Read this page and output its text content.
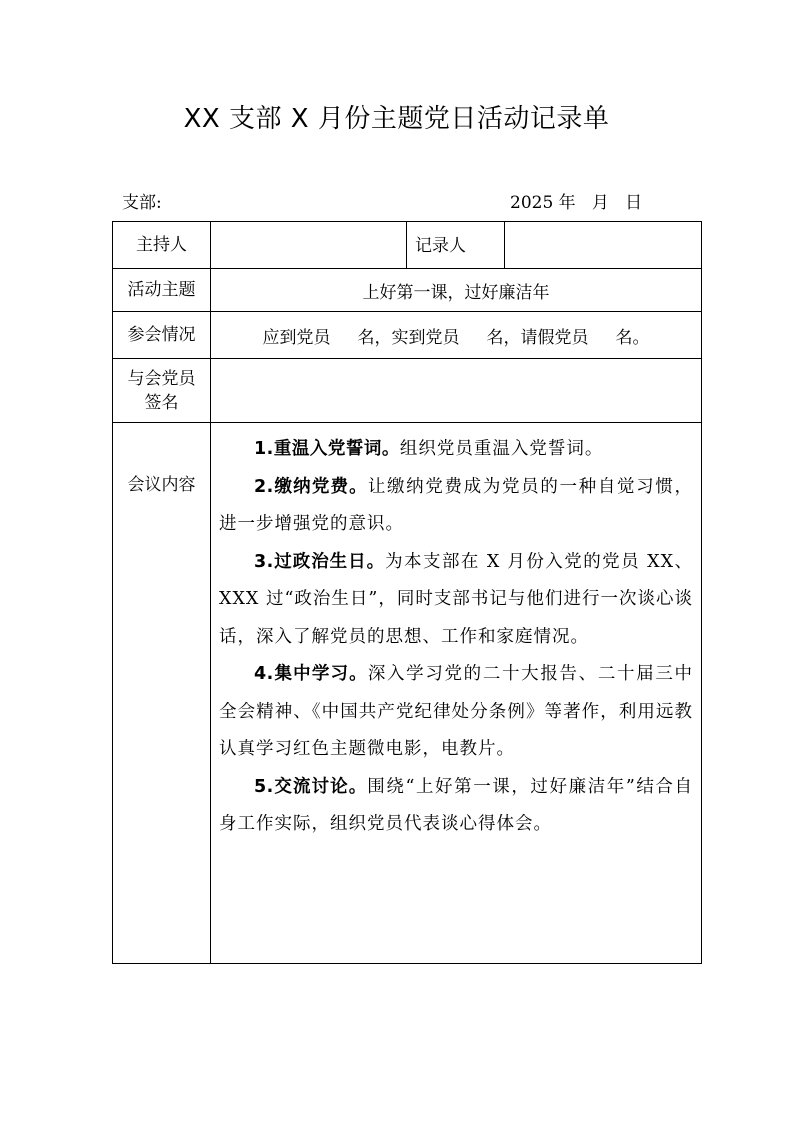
XX 支部 X 月份主题党日活动记录单
支部:	2025 年   月   日
主持人		记录人	
活动主题	上好第一课，过好廉洁年		
参会情况	应到党员     名，实到党员     名，请假党员     名。		

与会党员
签名			

会议内容	1.重温入党誓词。组织党员重温入党誓词。

2.缴纳党费。让缴纳党费成为党员的一种自觉习惯，进一步增强党的意识。

3.过政治生日。为本支部在 X 月份入党的党员 XX、XXX 过“政治生日”，同时支部书记与他们进行一次谈心谈话，深入了解党员的思想、工作和家庭情况。

4.集中学习。深入学习党的二十大报告、二十届三中全会精神、《中国共产党纪律处分条例》等著作，利用远教认真学习红色主题微电影，电教片。

5.交流讨论。围绕“上好第一课，过好廉洁年”结合自身工作实际，组织党员代表谈心得体会。		
